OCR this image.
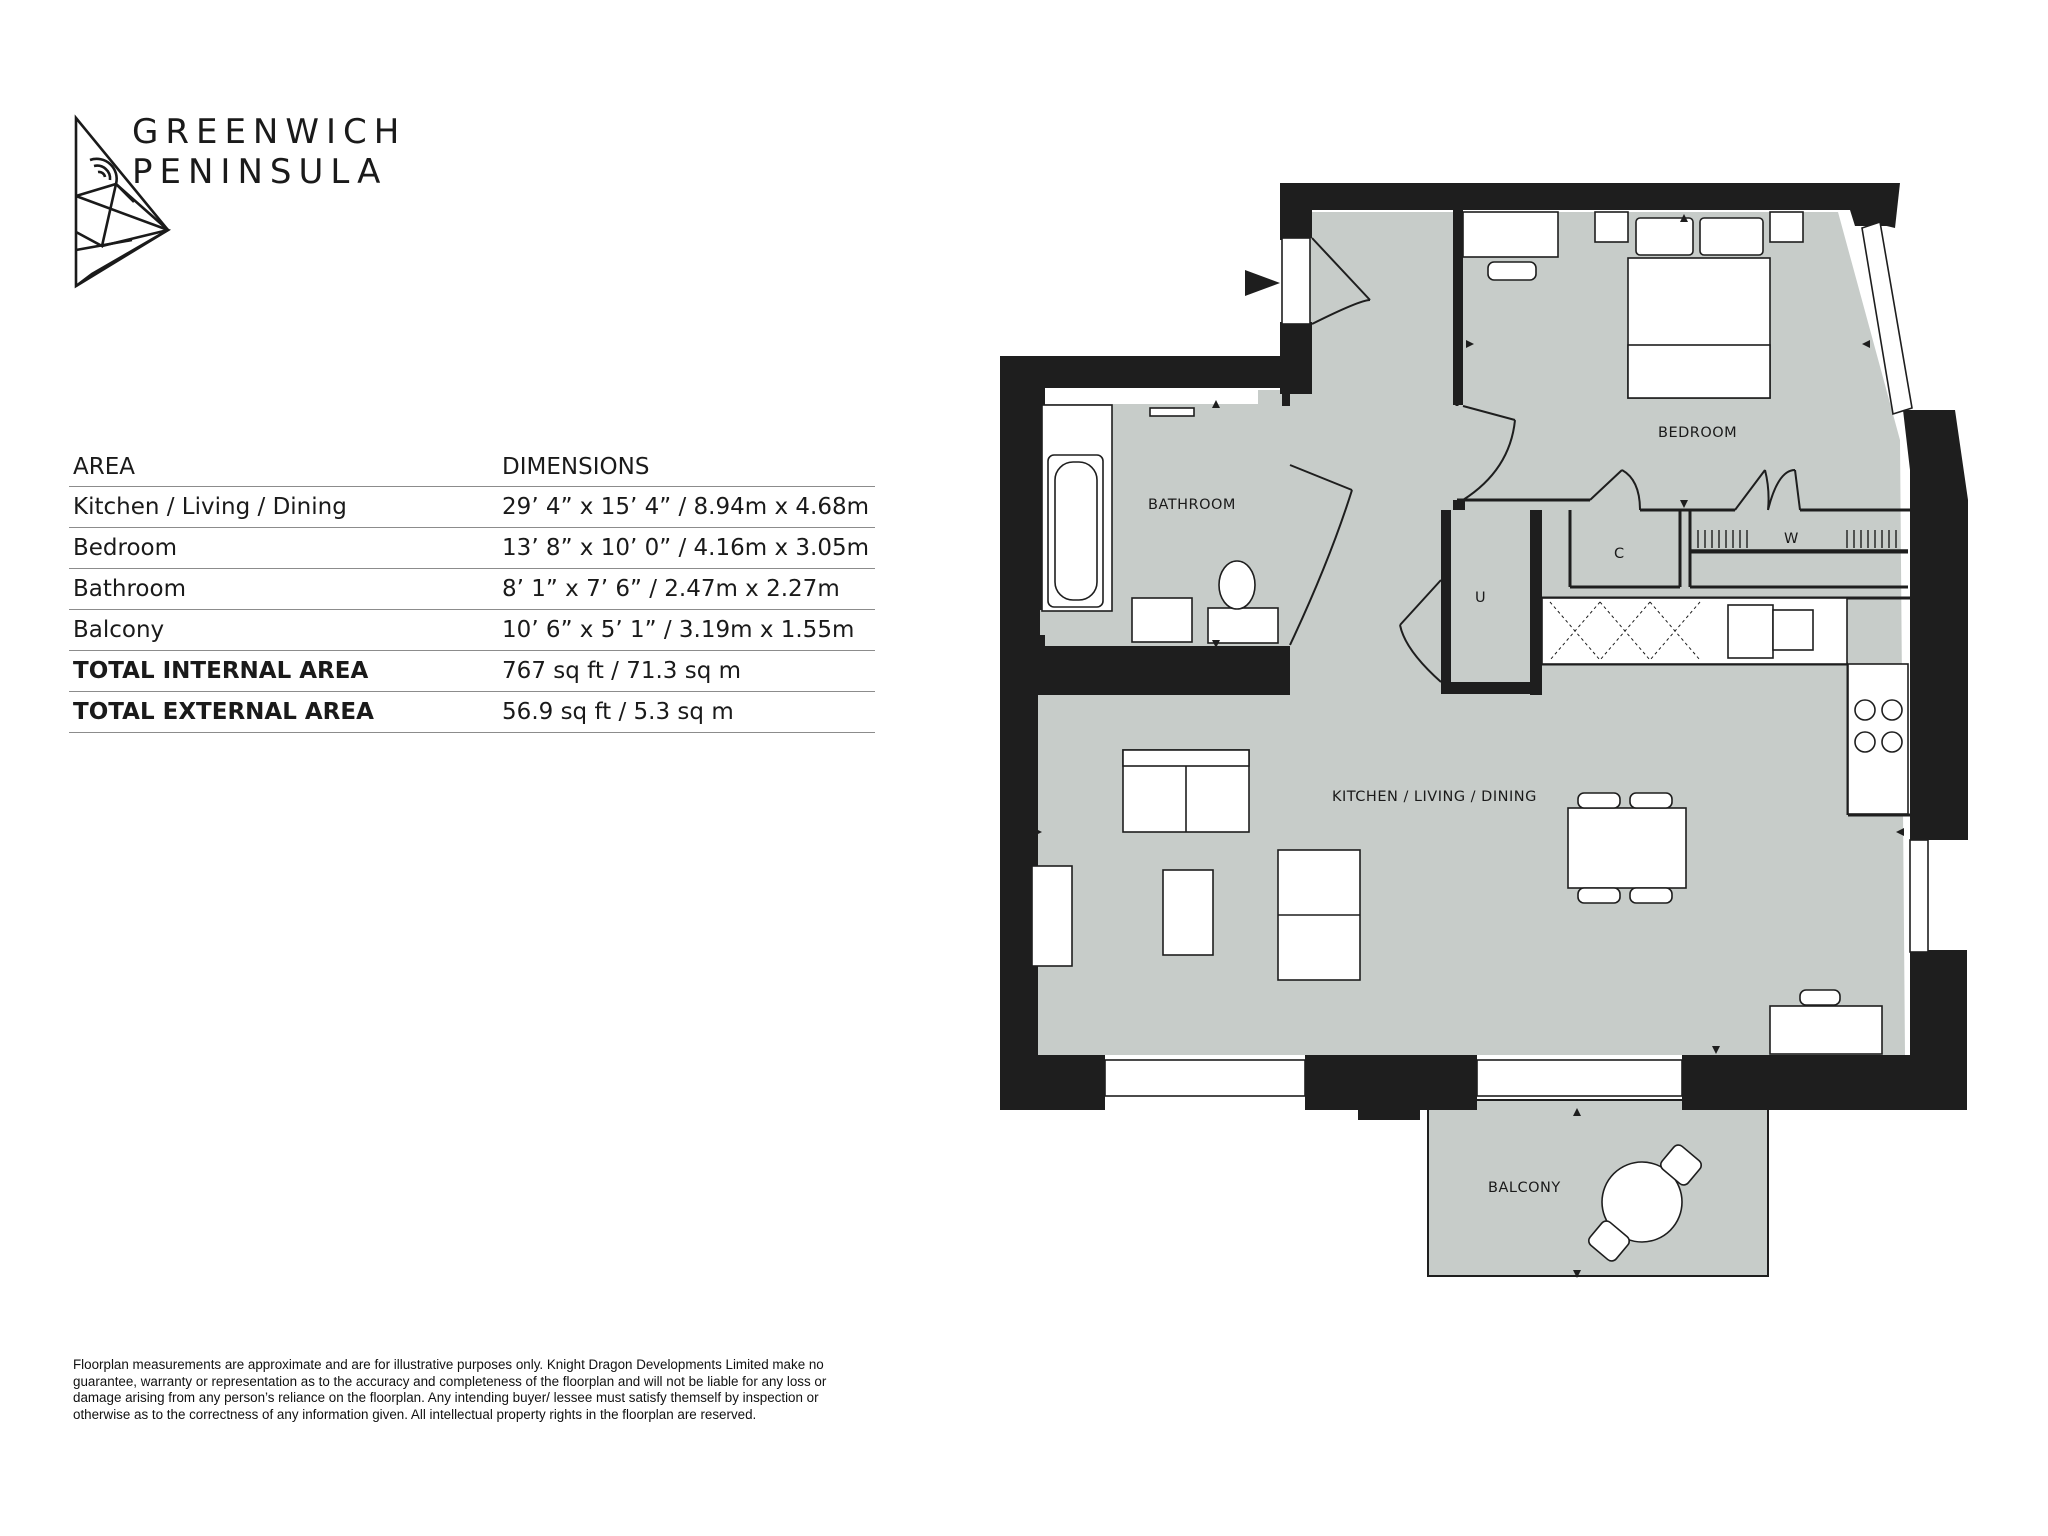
GREENWICH
PENINSULA
AREA	DIMENSIONS
Kitchen / Living / Dining	29’ 4” x 15’ 4” / 8.94m x 4.68m
Bedroom	13’ 8” x 10’ 0” / 4.16m x 3.05m
Bathroom	8’ 1” x 7’ 6” / 2.47m x 2.27m
Balcony	10’ 6” x 5’ 1” / 3.19m x 1.55m
TOTAL INTERNAL AREA	767 sq ft / 71.3 sq m
TOTAL EXTERNAL AREA	56.9 sq ft / 5.3 sq m
BEDROOM
BATHROOM
KITCHEN / LIVING / DINING
BALCONY
C
W
U
Floorplan measurements are approximate and are for illustrative purposes only. Knight Dragon Developments Limited make no guarantee, warranty or representation as to the accuracy and completeness of the floorplan and will not be liable for any loss or damage arising from any person’s reliance on the floorplan. Any intending buyer/ lessee must satisfy themself by inspection or otherwise as to the correctness of any information given. All intellectual property rights in the floorplan are reserved.
